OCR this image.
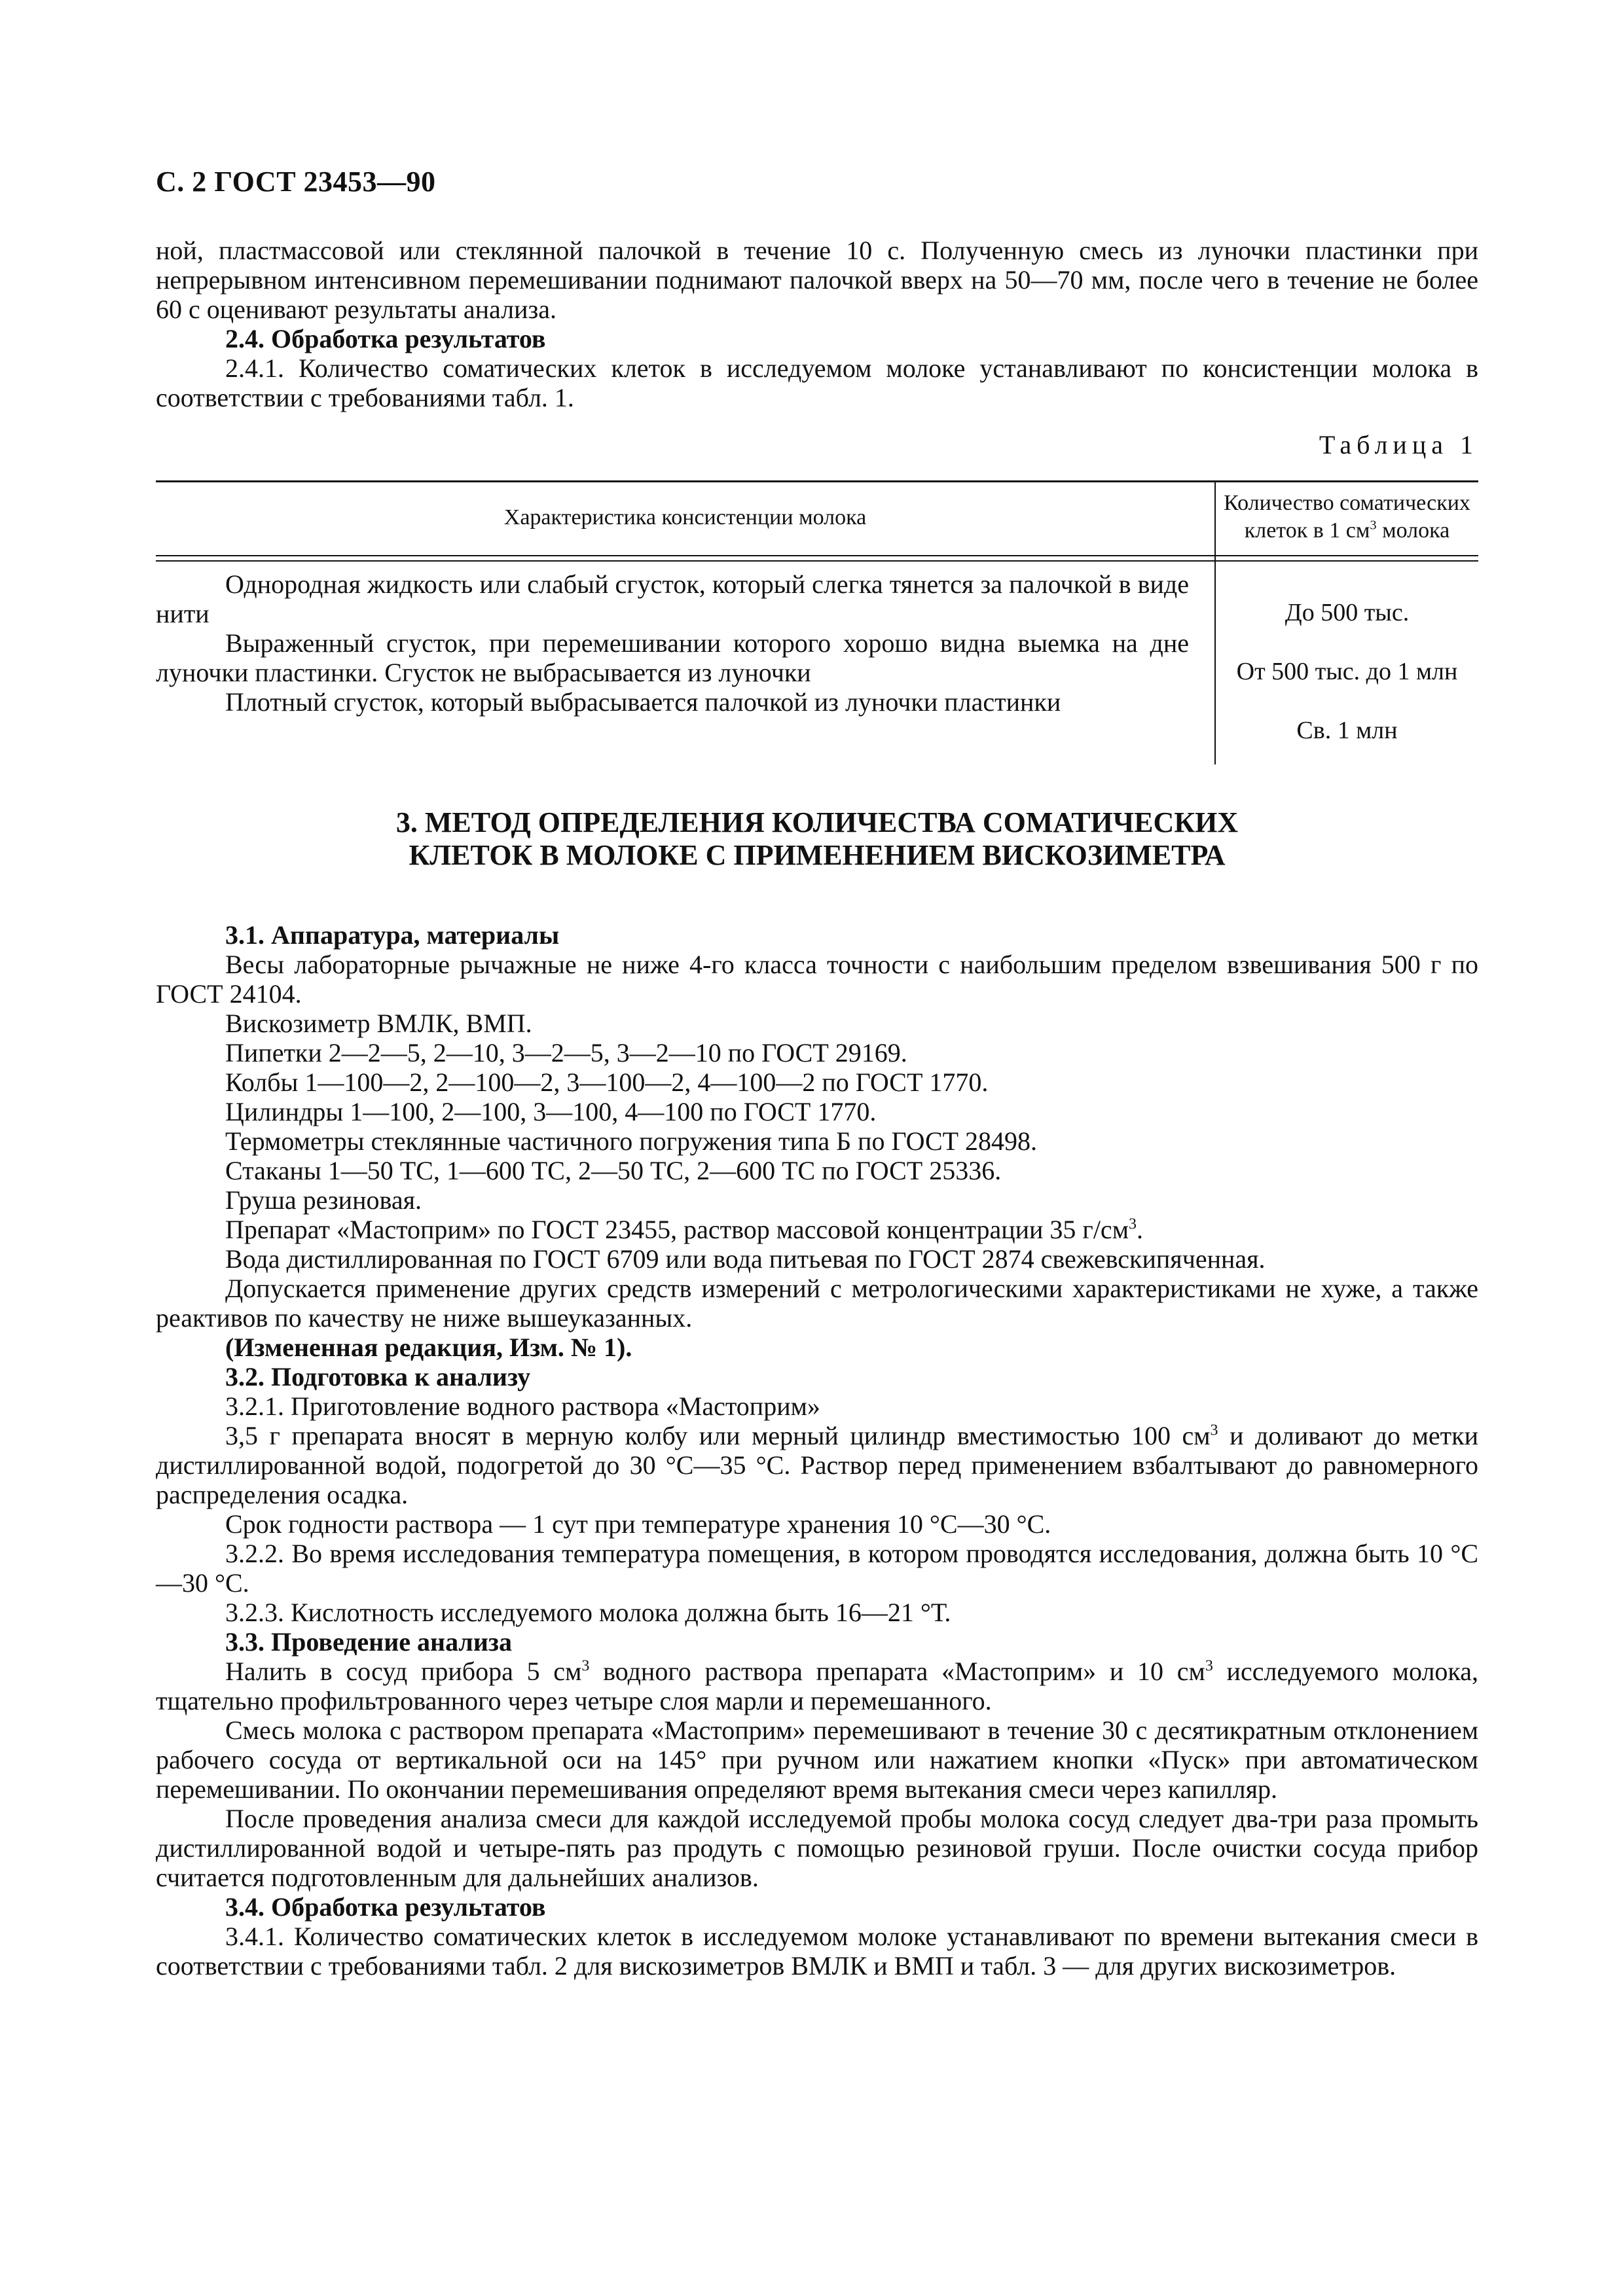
С. 2 ГОСТ 23453—90

ной, пластмассовой или стеклянной палочкой в течение 10 с. Полученную смесь из луночки пластинки при непрерывном интенсивном перемешивании поднимают палочкой вверх на 50—70 мм, после чего в течение не более 60 с оценивают результаты анализа.

2.4. Обработка результатов

2.4.1. Количество соматических клеток в исследуемом молоке устанавливают по консистенции молока в соответствии с требованиями табл. 1.

Таблица 1
Характеристика консистенции молока
Количество соматических
клеток в 1 $см^3$ молока

Однородная жидкость или слабый сгусток, который слегка тянется за палочкой в виде нити

Выраженный сгусток, при перемешивании которого хорошо видна выемка на дне луночки пластинки. Сгусток не выбрасывается из луночки

Плотный сгусток, который выбрасывается палочкой из луночки пластинки

До 500 тыс.
От 500 тыс. до 1 млн
Св. 1 млн
3. МЕТОД ОПРЕДЕЛЕНИЯ КОЛИЧЕСТВА СОМАТИЧЕСКИХ
КЛЕТОК В МОЛОКЕ С ПРИМЕНЕНИЕМ ВИСКОЗИМЕТРА

3.1. Аппаратура, материалы

Весы лабораторные рычажные не ниже 4-го класса точности с наибольшим пределом взвешивания 500 г по ГОСТ 24104.

Вискозиметр ВМЛК, ВМП.

Пипетки 2—2—5, 2—10, 3—2—5, 3—2—10 по ГОСТ 29169.

Колбы 1—100—2, 2—100—2, 3—100—2, 4—100—2 по ГОСТ 1770.

Цилиндры 1—100, 2—100, 3—100, 4—100 по ГОСТ 1770.

Термометры стеклянные частичного погружения типа Б по ГОСТ 28498.

Стаканы 1—50 ТС, 1—600 ТС, 2—50 ТС, 2—600 ТС по ГОСТ 25336.

Груша резиновая.

Препарат «Мастоприм» по ГОСТ 23455, раствор массовой концентрации 35 $г/см^3$.

Вода дистиллированная по ГОСТ 6709 или вода питьевая по ГОСТ 2874 свежевскипяченная.

Допускается применение других средств измерений с метрологическими характеристиками не хуже, а также реактивов по качеству не ниже вышеуказанных.

(Измененная редакция, Изм. № 1).

3.2. Подготовка к анализу

3.2.1. Приготовление водного раствора «Мастоприм»

3,5 г препарата вносят в мерную колбу или мерный цилиндр вместимостью 100 $см^3$ и доливают до метки дистиллированной водой, подогретой до 30 °С—35 °С. Раствор перед применением взбалтывают до равномерного распределения осадка.

Срок годности раствора — 1 сут при температуре хранения 10 °С—30 °С.

3.2.2. Во время исследования температура помещения, в котором проводятся исследования, должна быть 10 °С—30 °С.

3.2.3. Кислотность исследуемого молока должна быть 16—21 °Т.

3.3. Проведение анализа

Налить в сосуд прибора 5 $см^3$ водного раствора препарата «Мастоприм» и 10 $см^3$ исследуемого молока, тщательно профильтрованного через четыре слоя марли и перемешанного.

Смесь молока с раствором препарата «Мастоприм» перемешивают в течение 30 с десятикратным отклонением рабочего сосуда от вертикальной оси на 145° при ручном или нажатием кнопки «Пуск» при автоматическом перемешивании. По окончании перемешивания определяют время вытекания смеси через капилляр.

После проведения анализа смеси для каждой исследуемой пробы молока сосуд следует два-три раза промыть дистиллированной водой и четыре-пять раз продуть с помощью резиновой груши. После очистки сосуда прибор считается подготовленным для дальнейших анализов.

3.4. Обработка результатов

3.4.1. Количество соматических клеток в исследуемом молоке устанавливают по времени вытекания смеси в соответствии с требованиями табл. 2 для вискозиметров ВМЛК и ВМП и табл. 3 — для других вискозиметров.
